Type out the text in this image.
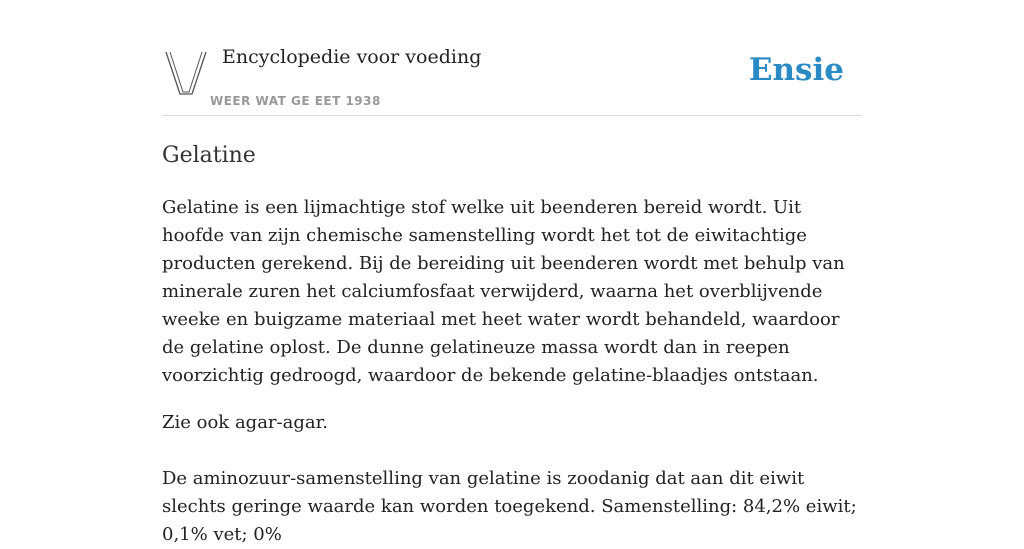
Encyclopedie voor voeding
WEER WAT GE EET 1938
Ensie
Gelatine

Gelatine is een lijmachtige stof welke uit beenderen bereid wordt. Uit hoofde van zijn chemische samenstelling wordt het tot de eiwitachtige producten gerekend. Bij de bereiding uit beenderen wordt met behulp van minerale zuren het calciumfosfaat verwijderd, waarna het overblijvende weeke en buigzame materiaal met heet water wordt behandeld, waardoor de gelatine oplost. De dunne gelatineuze massa wordt dan in reepen voorzichtig gedroogd, waardoor de bekende gelatine-blaadjes ontstaan.

Zie ook agar-agar.

De aminozuur-samenstelling van gelatine is zoodanig dat aan dit eiwit slechts geringe waarde kan worden toegekend. Samenstelling: 84,2% eiwit; 0,1% vet; 0%
